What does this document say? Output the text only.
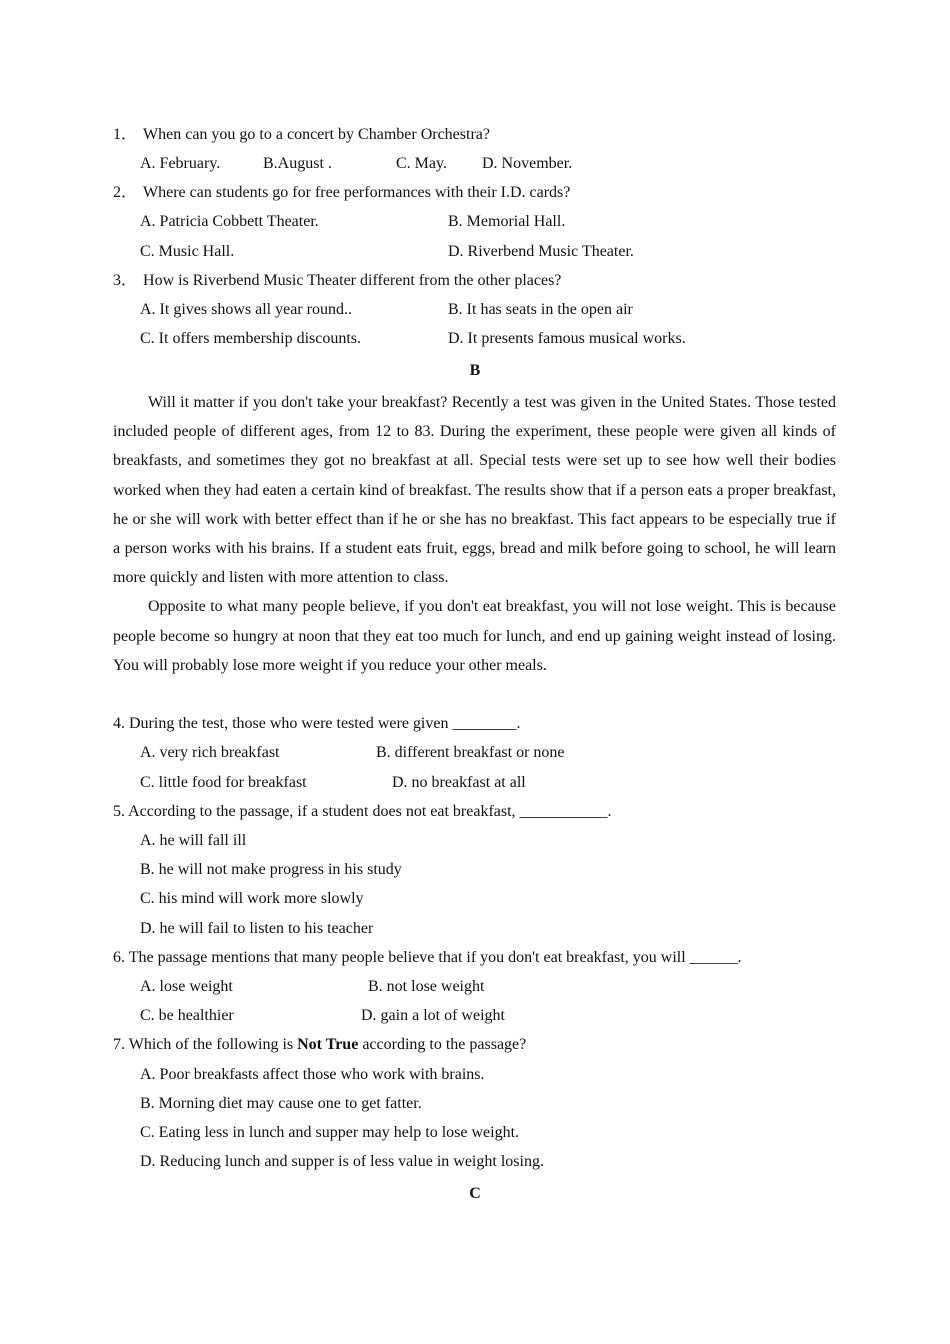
1． When can you go to a concert by Chamber Orchestra?
A. February.	B.August .	C. May. D. November.
2． Where can students go for free performances with their I.D. cards?
A. Patricia Cobbett Theater.	B. Memorial Hall.
C. Music Hall.	D. Riverbend Music Theater.
3． How is Riverbend Music Theater different from the other places?
A. It gives shows all year round..	B. It has seats in the open air
C. It offers membership discounts.	D. It presents famous musical works.
B

Will it matter if you don't take your breakfast? Recently a test was given in the United States. Those tested included people of different ages, from 12 to 83. During the experiment, these people were given all kinds of breakfasts, and sometimes they got no breakfast at all. Special tests were set up to see how well their bodies worked when they had eaten a certain kind of breakfast. The results show that if a person eats a proper breakfast, he or she will work with better effect than if he or she has no breakfast. This fact appears to be especially true if a person works with his brains. If a student eats fruit, eggs, bread and milk before going to school, he will learn more quickly and listen with more attention to class.

Opposite to what many people believe, if you don't eat breakfast, you will not lose weight. This is because people become so hungry at noon that they eat too much for lunch, and end up gaining weight instead of losing. You will probably lose more weight if you reduce your other meals.

4. During the test, those who were tested were given ________.
A. very rich breakfast	B. different breakfast or none
C. little food for breakfast	D. no breakfast at all
5. According to the passage, if a student does not eat breakfast, ___________.
A. he will fall ill
B. he will not make progress in his study
C. his mind will work more slowly
D. he will fail to listen to his teacher
6. The passage mentions that many people believe that if you don't eat breakfast, you will ______.
A. lose weight	B. not lose weight
C. be healthier	D. gain a lot of weight
7. Which of the following is Not True according to the passage?
A. Poor breakfasts affect those who work with brains.
B. Morning diet may cause one to get fatter.
C. Eating less in lunch and supper may help to lose weight.
D. Reducing lunch and supper is of less value in weight losing.
C
